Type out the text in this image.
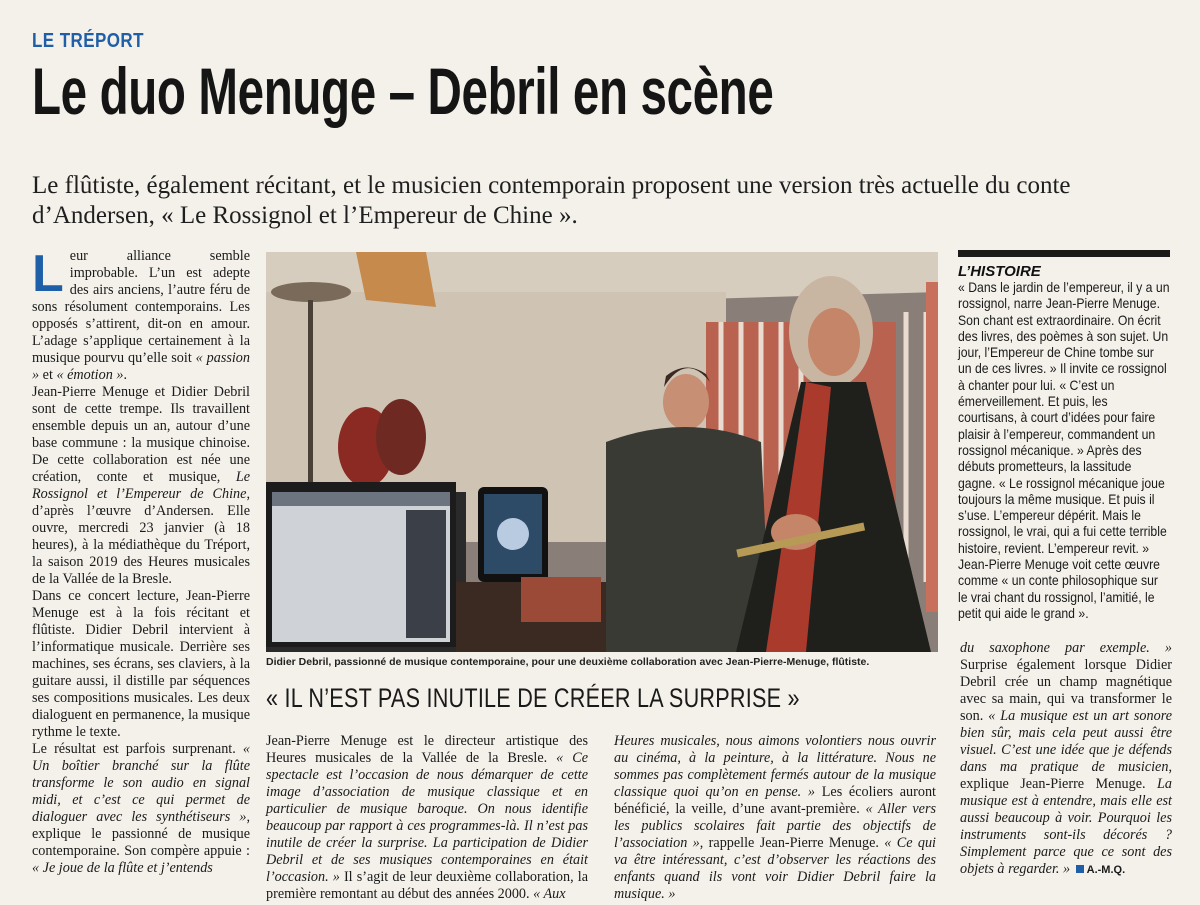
LE TRÉPORT
Le duo Menuge – Debril en scène

Le flûtiste, également récitant, et le musicien contemporain proposent une version très actuelle du conte d’Andersen, « Le Rossignol et l’Empereur de Chine ».

Leur alliance semble improbable. L’un est adepte des airs anciens, l’autre féru de sons résolument contemporains. Les opposés s’attirent, dit-on en amour. L’adage s’applique certainement à la musique pourvu qu’elle soit « passion » et « émotion ».

Jean-Pierre Menuge et Didier Debril sont de cette trempe. Ils travaillent ensemble depuis un an, autour d’une base commune : la musique chinoise. De cette collaboration est née une création, conte et musique, Le Rossignol et l’Empereur de Chine, d’après l’œuvre d’Andersen. Elle ouvre, mercredi 23 janvier (à 18 heures), à la médiathèque du Tréport, la saison 2019 des Heures musicales de la Vallée de la Bresle.

Dans ce concert lecture, Jean-Pierre Menuge est à la fois récitant et flûtiste. Didier Debril intervient à l’informatique musicale. Derrière ses machines, ses écrans, ses claviers, à la guitare aussi, il distille par séquences ses compositions musicales. Les deux dialoguent en permanence, la musique rythme le texte.

Le résultat est parfois surprenant. « Un boîtier branché sur la flûte transforme le son audio en signal midi, et c’est ce qui permet de dialoguer avec les synthétiseurs », explique le passionné de musique contemporaine. Son compère appuie : « Je joue de la flûte et j’entends

Didier Debril, passionné de musique contemporaine, pour une deuxième collaboration avec Jean-Pierre-Menuge, flûtiste.
« IL N’EST PAS INUTILE DE CRÉER LA SURPRISE »

Jean-Pierre Menuge est le directeur artistique des Heures musicales de la Vallée de la Bresle. « Ce spectacle est l’occasion de nous démarquer de cette image d’association de musique classique et en particulier de musique baroque. On nous identifie beaucoup par rapport à ces programmes-là. Il n’est pas inutile de créer la surprise. La participation de Didier Debril et de ses musiques contemporaines en était l’occasion. » Il s’agit de leur deuxième collaboration, la première remontant au début des années 2000. « Aux

Heures musicales, nous aimons volontiers nous ouvrir au cinéma, à la peinture, à la littérature. Nous ne sommes pas complètement fermés autour de la musique classique quoi qu’on en pense. » Les écoliers auront bénéficié, la veille, d’une avant-première. « Aller vers les publics scolaires fait partie des objectifs de l’association », rappelle Jean-Pierre Menuge. « Ce qui va être intéressant, c’est d’observer les réactions des enfants quand ils vont voir Didier Debril faire la musique. »

L’HISTOIRE
« Dans le jardin de l’empereur, il y a un rossignol, narre Jean-Pierre Menuge. Son chant est extraordinaire. On écrit des livres, des poèmes à son sujet. Un jour, l’Empereur de Chine tombe sur un de ces livres. » Il invite ce rossignol à chanter pour lui. « C’est un émerveillement. Et puis, les courtisans, à court d’idées pour faire plaisir à l’empereur, commandent un rossignol mécanique. » Après des débuts prometteurs, la lassitude gagne. « Le rossignol mécanique joue toujours la même musique. Et puis il s’use. L’empereur dépérit. Mais le rossignol, le vrai, qui a fui cette terrible histoire, revient. L’empereur revit. » Jean-Pierre Menuge voit cette œuvre comme « un conte philosophique sur le vrai chant du rossignol, l’amitié, le petit qui aide le grand ».

du saxophone par exemple. » Surprise également lorsque Didier Debril crée un champ magnétique avec sa main, qui va transformer le son. « La musique est un art sonore bien sûr, mais cela peut aussi être visuel. C’est une idée que je défends dans ma pratique de musicien, explique Jean-Pierre Menuge. La musique est à entendre, mais elle est aussi beaucoup à voir. Pourquoi les instruments sont-ils décorés ? Simplement parce que ce sont des objets à regarder. » A.-M.Q.
